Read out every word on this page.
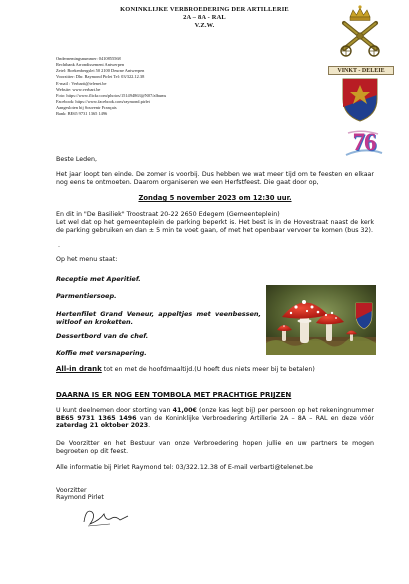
KONINKLIJKE VERBROEDERING DER ARTILLERIE
2A – 8A - RAL
V.Z.W.
Ondernemingsnummer: 0410855568
Rechtbank Arrondissement Antwerpen
Zetel: Boekenbergslei 50 2100 Deurne Antwerpen
Voorzitter: Dhr. Raymond Pirlet Tel: 03/322.12.38
E-mail : Verbarti@telenet.be
Website: www.verbart.be
Foto: https://www.flickr.com/photos/151494863@N07/albums
Facebook: https://www.facebook.com/raymond.pirlet
Aangesloten bij Souvenir Français
Bank: BE65 9731 1365 1496
VINKT - DELEIE
76
Beste Leden,
Het jaar loopt ten einde. De zomer is voorbij. Dus hebben we wat meer tijd om te feesten en elkaar nog eens te ontmoeten. Daarom organiseren we een Herfstfeest. Die gaat door op,
Zondag 5 november 2023 om 12:30 uur.
En dit in "De Basiliek" Troostraat 20-22 2650 Edegem (Gemeenteplein)
Let wel dat op het gemeenteplein de parking beperkt is. Het best is in de Hovestraat naast de kerk de parking gebruiken en dan ± 5 min te voet gaan, of met het openbaar vervoer te komen (bus 32).
.
Op het menu staat:
Receptie met Aperitief.
Parmentiersoep.
Hertenfilet Grand Veneur, appeltjes met veenbessen, witloof en kroketten.
Dessertbord van de chef.
Koffie met versnapering.
All-in drank tot en met de hoofdmaaltijd.(U hoeft dus niets meer bij te betalen)
DAARNA IS ER NOG EEN TOMBOLA MET PRACHTIGE PRIJZEN
U kunt deelnemen door storting van 41,00€ (onze kas legt bij) per persoon op het rekeningnummer BE65 9731 1365 1496 van de Koninklijke Verbroedering Artillerie 2A – 8A – RAL en deze vóór zaterdag 21 oktober 2023.
De Voorzitter en het Bestuur van onze Verbroedering hopen jullie en uw partners te mogen begroeten op dit feest.
Alle informatie bij Pirlet Raymond tel: 03/322.12.38 of E-mail verbarti@telenet.be
Voorzitter
Raymond Pirlet
